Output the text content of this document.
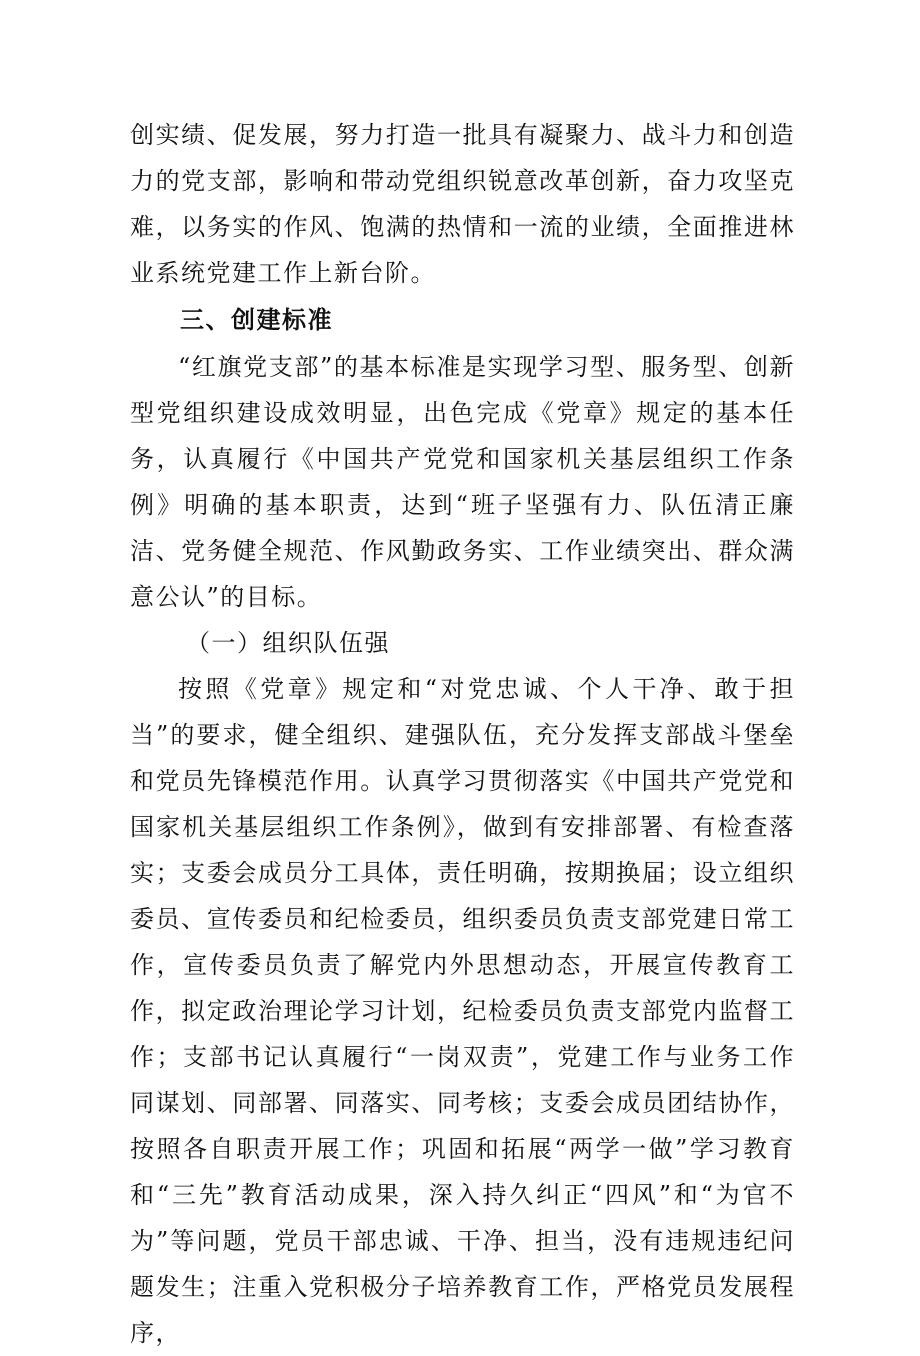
创实绩、促发展，努力打造一批具有凝聚力、战斗力和创造力的党支部，影响和带动党组织锐意改革创新，奋力攻坚克难，以务实的作风、饱满的热情和一流的业绩，全面推进林业系统党建工作上新台阶。

三、创建标准

“红旗党支部”的基本标准是实现学习型、服务型、创新型党组织建设成效明显，出色完成《党章》规定的基本任务，认真履行《中国共产党党和国家机关基层组织工作条例》明确的基本职责，达到“班子坚强有力、队伍清正廉洁、党务健全规范、作风勤政务实、工作业绩突出、群众满意公认”的目标。

（一）组织队伍强

按照《党章》规定和“对党忠诚、个人干净、敢于担当”的要求，健全组织、建强队伍，充分发挥支部战斗堡垒和党员先锋模范作用。认真学习贯彻落实《中国共产党党和国家机关基层组织工作条例》，做到有安排部署、有检查落实；支委会成员分工具体，责任明确，按期换届；设立组织委员、宣传委员和纪检委员，组织委员负责支部党建日常工作，宣传委员负责了解党内外思想动态，开展宣传教育工作，拟定政治理论学习计划，纪检委员负责支部党内监督工作；支部书记认真履行“一岗双责”，党建工作与业务工作同谋划、同部署、同落实、同考核；支委会成员团结协作，按照各自职责开展工作；巩固和拓展“两学一做”学习教育和“三先”教育活动成果，深入持久纠正“四风”和“为官不为”等问题，党员干部忠诚、干净、担当，没有违规违纪问题发生；注重入党积极分子培养教育工作，严格党员发展程序，
